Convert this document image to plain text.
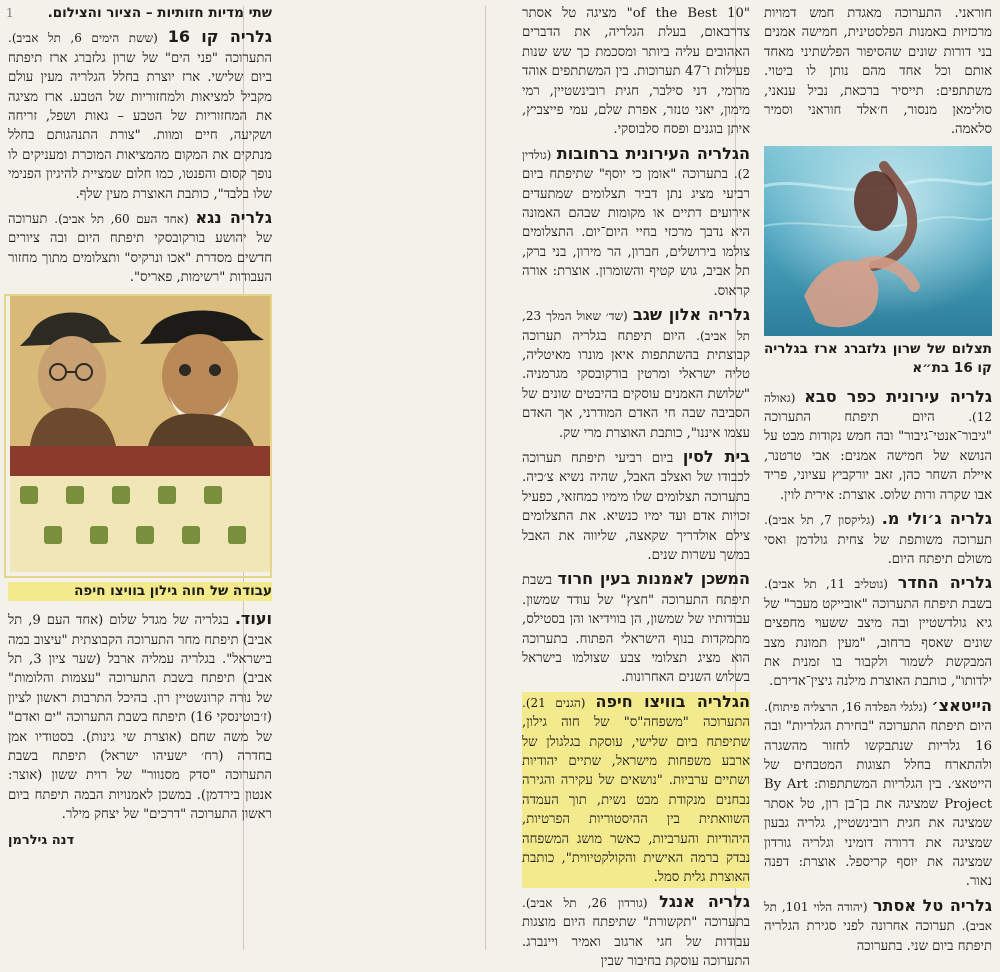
1	חוראני. התערוכה מאגדת חמש דמויות מרכזיות באמנות הפלסטינית, חמישה אמנים בני דורות שונים שהסיפור הפלשתיני מאחד אותם וכל אחד מהם נותן לו ביטוי. משתתפים: תייסיר ברכאת, נביל ענאני, סולימאן מנסור, ח׳אלד חוראני וסמיר סלאמה.

תצלום של שרון גלזברג ארז בגלריה קו 16 בת״א

גלריה עירונית כפר סבא (גאולה 12). היום תיפתח התערוכה "גיבור־אנטי־גיבור" ובה חמש נקודות מבט על הנושא של חמישה אמנים: אבי טרטנר, איילת השחר כהן, זאב יורקביץ עציוני, פריד אבו שקרה ורות שלוס. אוצרת: אירית לוין.

גלריה ג׳ולי מ. (גליקסון 7, תל אביב). תערוכה משותפת של צחית גולדמן ואסי משולם תיפתח היום.

גלריה החדר (גוטליב 11, תל אביב). בשבת תיפתח התערוכה "אובייקט מעבר" של גיא גולדשטיין ובה מיצב ששעוי מחפצים שונים שאסף ברחוב, "מעין תמונת מצב המבקשת לשמור ולקבור בו זמנית את ילדותו", כותבת האוצרת מילנה גיצין־אדירם.

הייטאצ׳ (גלגלי הפלדה 16, הרצליה פיתוח). היום תיפתח התערוכה "בחירת הגלריות" ובה 16 גלריות שנתבקשו לחזור מהשגרה ולהתארח בחלל תצוגות המטבחים של הייטאצ׳. בין הגלריות המשתתפות: By Art Project שמציגה את בן־בן רון, טל אסתר שמציגה את חגית רובינשטיין, גלריה גבעון שמציגה את דרורה דומיני וגלריה גורדון שמציגה את יוסף קריספל. אוצרת: דפנה נאור.

גלריה טל אסתר (יהודה הלוי 101, תל אביב). תערוכה אחרונה לפני סגירת הגלריה תיפתח ביום שני. בתערוכה

"10 of the Best" מציגה טל אסתר צדרבאום, בעלת הגלריה, את הדברים האהובים עליה ביותר ומסכמת כך שש שנות פעילות ו־47 תערוכות. בין המשתתפים אוהד מרומי, דני סילבר, חגית רובינשטיין, רמי מימון, יאני טנזר, אפרת שלם, עמי פייצביץ, איתן בוגנים ופסח סלבוסקי.

הגלריה העירונית ברחובות (גולדין 2). בתערוכה "אומן כי יוסף" שתיפתח ביום רביעי מציג נתן דביר תצלומים שמתעדים אירועים דתיים או מקומות שבהם האמונה היא נדבך מרכזי בחיי היום־יום. התצלומים צולמו בירושלים, חברון, הר מירון, בני ברק, תל אביב, גוש קטיף והשומרון. אוצרת: אורה קראוס.

גלריה אלון שגב (שד׳ שאול המלך 23, תל אביב). היום תיפתח בגלריה תערוכה קבוצתית בהשתתפות איאן מונרו מאיטליה, טליה ישראלי ומרטין בורקובסקי מגרמניה. "שלושת האמנים עוסקים בהיבטים שונים של הסביבה שבה חי האדם המודרני, אך האדם עצמו איננו", כותבת האוצרת מרי שק.

בית לסין ביום רביעי תיפתח תערוכה לכבודו של ואצלב האבל, שהיה נשיא צ׳כיה. בתערוכה תצלומים שלו מימיו כמחזאי, כפעיל זכויות אדם ועד ימיו כנשיא. את התצלומים צילם אולדריך שקאצה, שליווה את האבל במשך עשרות שנים.

המשכן לאמנות בעין חרוד בשבת תיפתח התערוכה "חצץ" של עודד שמשון. עבודותיו של שמשון, הן בווידיאו והן בסטילס, מתמקדות בנוף הישראלי הפתוח. בתערוכה הוא מציג תצלומי צבע שצולמו בישראל בשלוש השנים האחרונות.

הגלריה בוויצו חיפה (הגנים 21). התערוכה "משפחה"ס" של חוה גילון, שתיפתח ביום שלישי, עוסקת בגלגולן של ארבע משפחות מישראל, שתיים יהודיות ושתיים ערביות. "נושאים של עקירה והגירה נבחנים מנקודת מבט נשית, תוך העמדה השוואתית בין ההיסטוריות הפרטיות, היהודיות והערביות, כאשר מושג המשפחה נבדק ברמה האישית והקולקטיווית", כותבת האוצרת גלית סמל.

גלריה אנגל (גורדון 26, תל אביב). בתערוכה "תקשורת" שתיפתח היום מוצגות עבודות של חגי ארגוב ואמיר ויינברג. התערוכה עוסקת בחיבור שבין

שתי מדיות חזותיות – הציור והצילום.

גלריה קו 16 (ששת הימים 6, תל אביב). התערוכה "פני הים" של שרון גלזברג ארז תיפתח ביום שלישי. ארז יוצרת בחלל הגלריה מעין עולם מקביל למציאות ולמחזוריות של הטבע. ארז מציגה את המחזוריות של הטבע – גאות ושפל, זריחה ושקיעה, חיים ומוות. "צורת התנהגותם בחלל מנתקים את המקום מהמציאות המוכרת ומעניקים לו נופך קסום והפנטו, כמו חלום שמציית להיגיון הפנימי שלו בלבד", כותבת האוצרת מעין שלף.

גלריה נגא (אחד העם 60, תל אביב). תערוכה של יהושע בורקובסקי תיפתח היום ובה ציורים חדשים מסדרת "אכו ונרקיס" ותצלומים מתוך מחזור העבודות "רשימות, פאריס".

עבודה של חוה גילון בוויצו חיפה

ועוד. בגלריה של מגדל שלום (אחד העם 9, תל אביב) תיפתח מחר התערוכה הקבוצתית "עיצוב במה בישראל". בגלריה עמליה ארבל (שער ציון 3, תל אביב) תיפתח בשבת התערוכה "עצמות והלומות" של נורה קרונשטיין רון. בהיכל התרבות ראשון לציון (ז׳בוטינסקי 16) תיפתח בשבת התערוכה "ים ואדם" של משה שחם (אוצרת שי גינות). בסטודיו אמן בחדרה (רח׳ ישעיהו ישראל) תיפתח בשבת התערוכה "סדק מסנוור" של רוית ששון (אוצר: אנטון בירדמן). במשכן לאמנויות הבמה תיפתח ביום ראשון התערוכה "דרכים" של יצחק מילר.

דנה גילרמן
